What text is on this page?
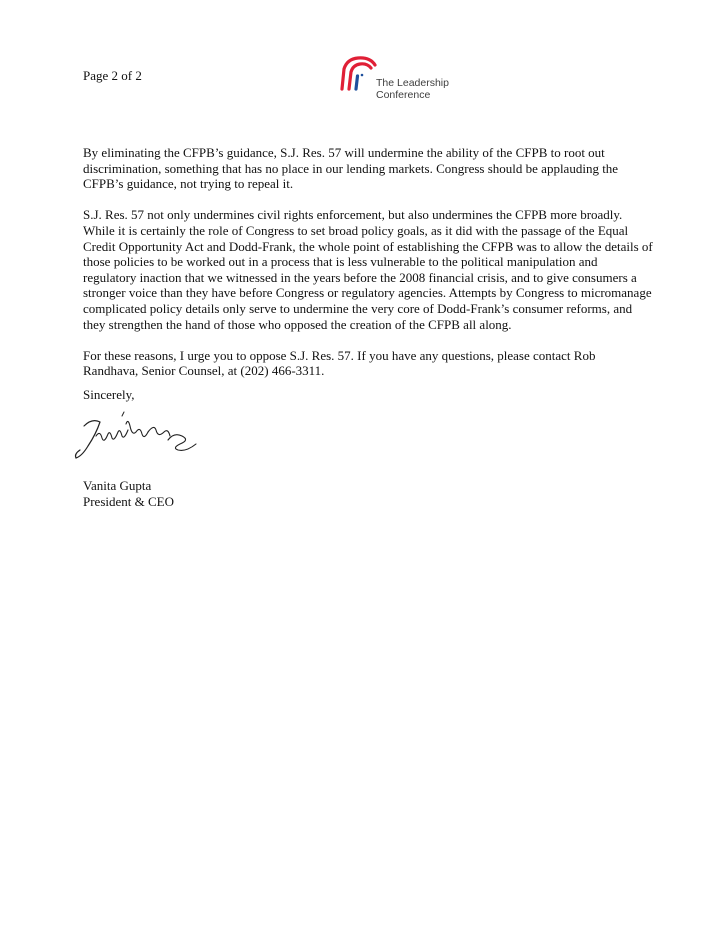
Page 2 of 2	The Leadership
Conference

By eliminating the CFPB’s guidance, S.J. Res. 57 will undermine the ability of the CFPB to root out discrimination, something that has no place in our lending markets. Congress should be applauding the CFPB’s guidance, not trying to repeal it.

S.J. Res. 57 not only undermines civil rights enforcement, but also undermines the CFPB more broadly. While it is certainly the role of Congress to set broad policy goals, as it did with the passage of the Equal Credit Opportunity Act and Dodd-Frank, the whole point of establishing the CFPB was to allow the details of those policies to be worked out in a process that is less vulnerable to the political manipulation and regulatory inaction that we witnessed in the years before the 2008 financial crisis, and to give consumers a stronger voice than they have before Congress or regulatory agencies. Attempts by Congress to micromanage complicated policy details only serve to undermine the very core of Dodd-Frank’s consumer reforms, and they strengthen the hand of those who opposed the creation of the CFPB all along.

For these reasons, I urge you to oppose S.J. Res. 57. If you have any questions, please contact Rob Randhava, Senior Counsel, at (202) 466-3311.

Sincerely,
Vanita Gupta
President & CEO
